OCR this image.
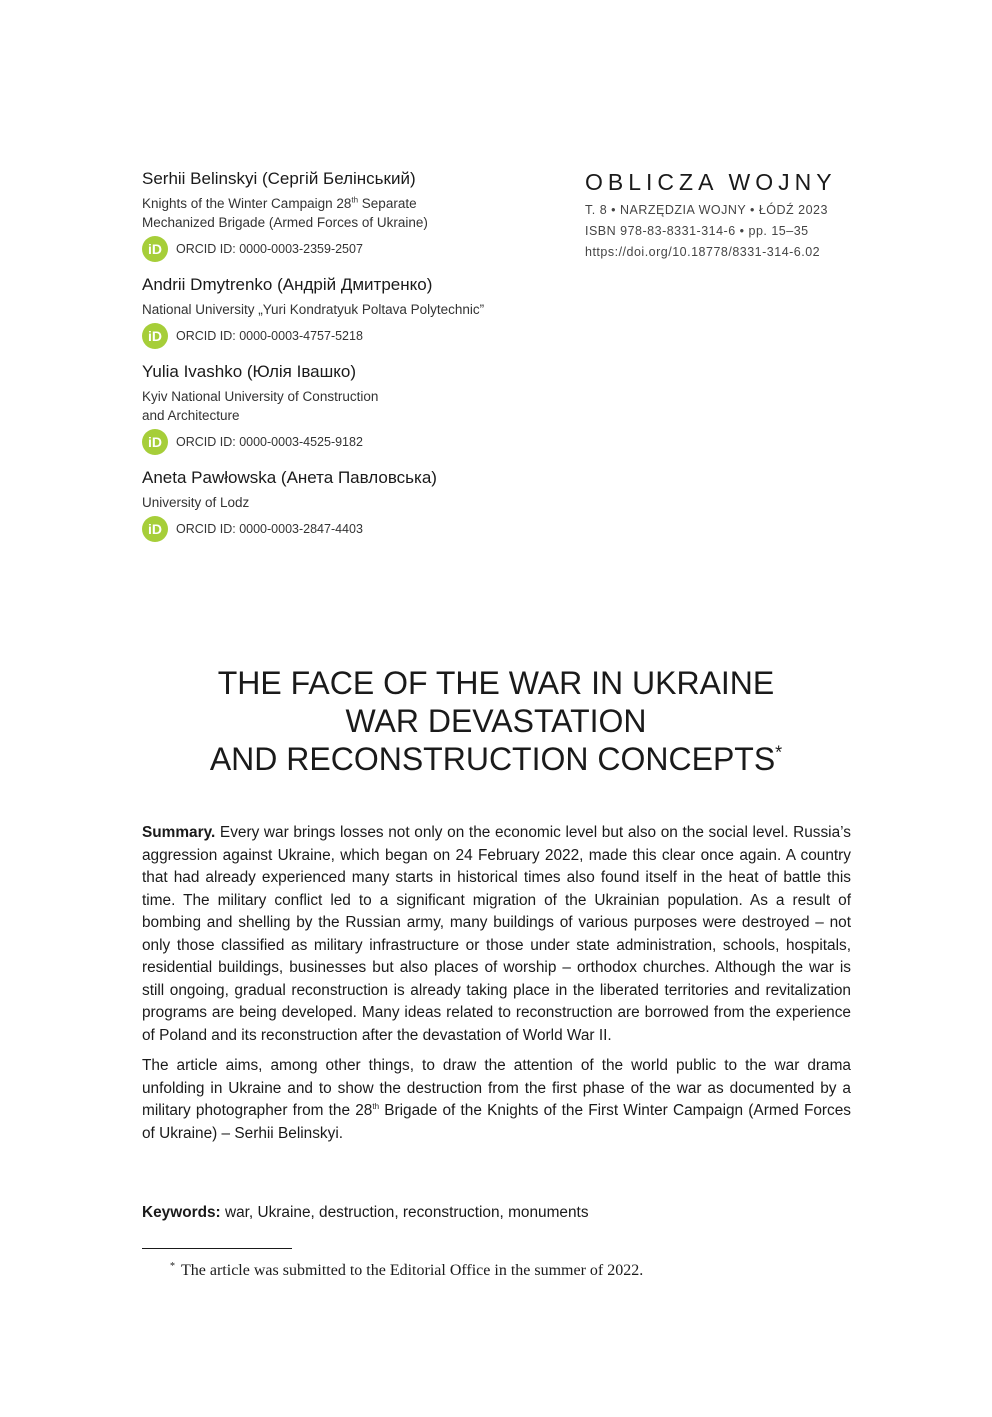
Serhii Belinskyi (Сергій Белінський)
Knights of the Winter Campaign 28th Separate
Mechanized Brigade (Armed Forces of Ukraine)
iD	ORCID ID: 0000-0003-2359-2507
Andrii Dmytrenko (Андрій Дмитренко)
National University „Yuri Kondratyuk Poltava Polytechnic”
iD	ORCID ID: 0000-0003-4757-5218
Yulia Ivashko (Юлія Івашко)
Kyiv National University of Construction
and Architecture
iD	ORCID ID: 0000-0003-4525-9182
Aneta Pawłowska (Анета Павловська)
University of Lodz
iD	ORCID ID: 0000-0003-2847-4403
OBLICZA WOJNY
T. 8 • NARZĘDZIA WOJNY • ŁÓDŹ 2023
ISBN 978-83-8331-314-6 • pp. 15–35
https://doi.org/10.18778/8331-314-6.02
THE FACE OF THE WAR IN UKRAINE
WAR DEVASTATION
AND RECONSTRUCTION CONCEPTS*

Summary. Every war brings losses not only on the economic level but also on the social level. Russia’s aggression against Ukraine, which began on 24 February 2022, made this clear once again. A country that had already experienced many starts in historical times also found itself in the heat of battle this time. The military conflict led to a significant migration of the Ukrainian population. As a result of bombing and shelling by the Russian army, many buildings of various purposes were destroyed – not only those classified as military infrastructure or those under state administration, schools, hospitals, residential buildings, businesses but also places of worship – orthodox churches. Although the war is still ongoing, gradual reconstruction is already taking place in the liberated territories and revitalization programs are being developed. Many ideas related to reconstruction are borrowed from the experience of Poland and its reconstruction after the devastation of World War II.

The article aims, among other things, to draw the attention of the world public to the war drama unfolding in Ukraine and to show the destruction from the first phase of the war as documented by a military photographer from the 28th Brigade of the Knights of the First Winter Campaign (Armed Forces of Ukraine) – Serhii Belinskyi.

Keywords: war, Ukraine, destruction, reconstruction, monuments
* The article was submitted to the Editorial Office in the summer of 2022.
